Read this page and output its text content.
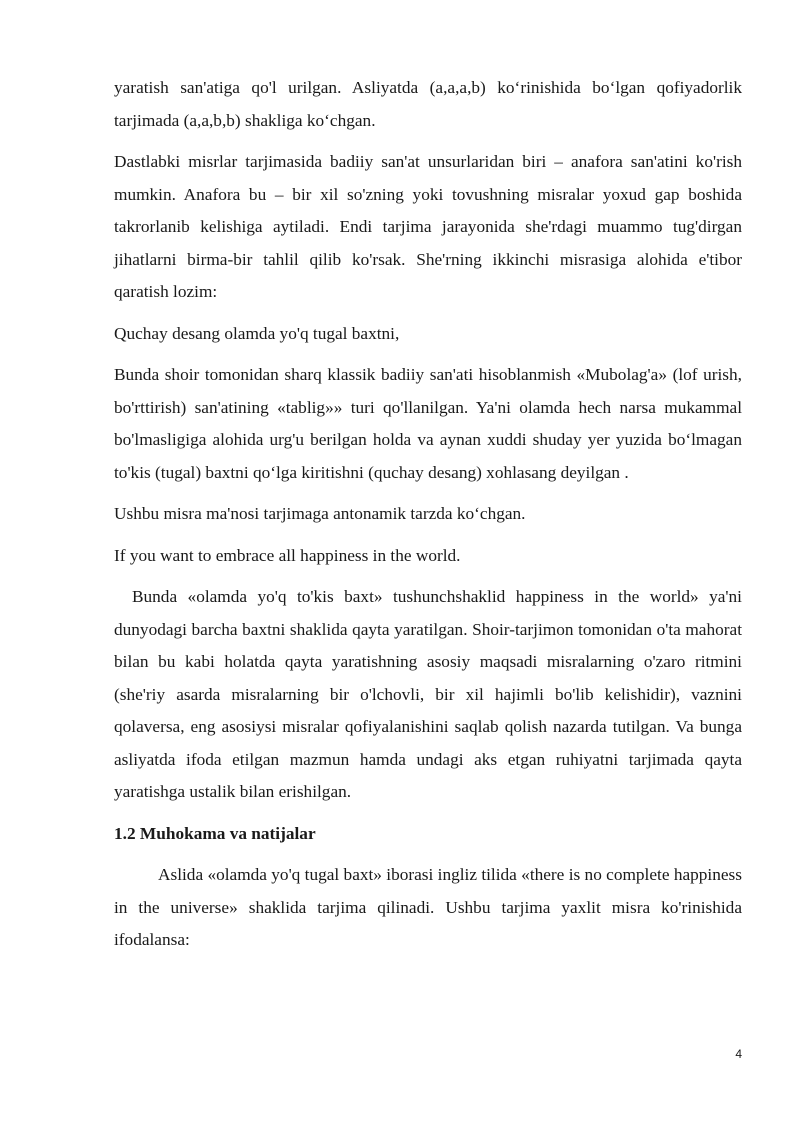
yaratish san'atiga qo'l urilgan. Asliyatda (a,a,a,b) ko‘rinishida bo‘lgan qofiyadorlik tarjimada (a,a,b,b) shakliga ko‘chgan.

Dastlabki misrlar tarjimasida badiiy san'at unsurlaridan biri – anafora san'atini ko'rish mumkin. Anafora bu – bir xil so'zning yoki tovushning misralar yoxud gap boshida takrorlanib kelishiga aytiladi. Endi tarjima jarayonida she'rdagi muammo tug'dirgan jihatlarni birma-bir tahlil qilib ko'rsak. She'rning ikkinchi misrasiga alohida e'tibor qaratish lozim:

Quchay desang olamda yo'q tugal baxtni,

Bunda shoir tomonidan sharq klassik badiiy san'ati hisoblanmish «Mubolag'a» (lof urish, bo'rttirish) san'atining «tablig»» turi qo'llanilgan. Ya'ni olamda hech narsa mukammal bo'lmasligiga alohida urg'u berilgan holda va aynan xuddi shuday yer yuzida bo‘lmagan to'kis (tugal) baxtni qo‘lga kiritishni (quchay desang) xohlasang deyilgan .

Ushbu misra ma'nosi tarjimaga antonamik tarzda ko‘chgan.

If you want to embrace all happiness in the world.

Bunda «olamda yo'q to'kis baxt» tushunchshaklid happiness in the world» ya'ni dunyodagi barcha baxtni shaklida qayta yaratilgan. Shoir-tarjimon tomonidan o'ta mahorat bilan bu kabi holatda qayta yaratishning asosiy maqsadi misralarning o'zaro ritmini (she'riy asarda misralarning bir o'lchovli, bir xil hajimli bo'lib kelishidir), vaznini qolaversa, eng asosiysi misralar qofiyalanishini saqlab qolish nazarda tutilgan. Va bunga asliyatda ifoda etilgan mazmun hamda undagi aks etgan ruhiyatni tarjimada qayta yaratishga ustalik bilan erishilgan.

1.2 Muhokama va natijalar

Aslida «olamda yo'q tugal baxt» iborasi ingliz tilida «there is no complete happiness in the universe» shaklida tarjima qilinadi. Ushbu tarjima yaxlit misra ko'rinishida ifodalansa:

4
